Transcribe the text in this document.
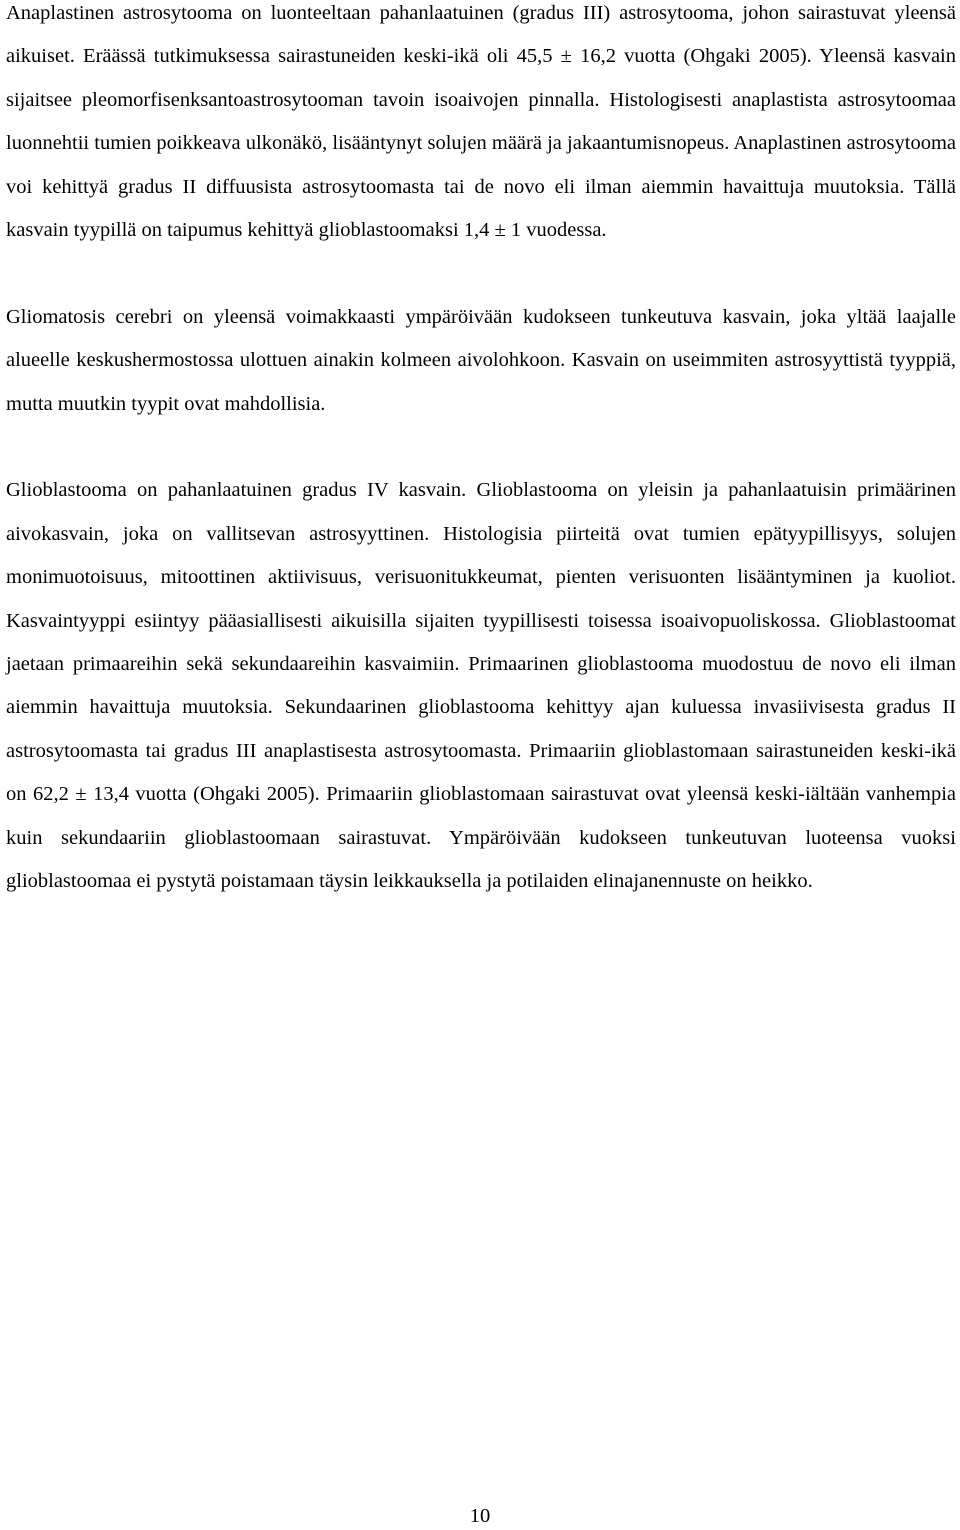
Anaplastinen astrosytooma on luonteeltaan pahanlaatuinen (gradus III) astrosytooma, johon sairastuvat yleensä aikuiset. Eräässä tutkimuksessa sairastuneiden keski-ikä oli 45,5 ± 16,2 vuotta (Ohgaki 2005). Yleensä kasvain sijaitsee pleomorfisenksantoastrosytooman tavoin isoaivojen pinnalla. Histologisesti anaplastista astrosytoomaa luonnehtii tumien poikkeava ulkonäkö, lisääntynyt solujen määrä ja jakaantumisnopeus. Anaplastinen astrosytooma voi kehittyä gradus II diffuusista astrosytoomasta tai de novo eli ilman aiemmin havaittuja muutoksia. Tällä kasvain tyypillä on taipumus kehittyä glioblastoomaksi 1,4 ± 1 vuodessa.

Gliomatosis cerebri on yleensä voimakkaasti ympäröivään kudokseen tunkeutuva kasvain, joka yltää laajalle alueelle keskushermostossa ulottuen ainakin kolmeen aivolohkoon. Kasvain on useimmiten astrosyyttistä tyyppiä, mutta muutkin tyypit ovat mahdollisia.

Glioblastooma on pahanlaatuinen gradus IV kasvain. Glioblastooma on yleisin ja pahanlaatuisin primäärinen aivokasvain, joka on vallitsevan astrosyyttinen. Histologisia piirteitä ovat tumien epätyypillisyys, solujen monimuotoisuus, mitoottinen aktiivisuus, verisuonitukkeumat, pienten verisuonten lisääntyminen ja kuoliot. Kasvaintyyppi esiintyy pääasiallisesti aikuisilla sijaiten tyypillisesti toisessa isoaivopuoliskossa. Glioblastoomat jaetaan primaareihin sekä sekundaareihin kasvaimiin. Primaarinen glioblastooma muodostuu de novo eli ilman aiemmin havaittuja muutoksia. Sekundaarinen glioblastooma kehittyy ajan kuluessa invasiivisesta gradus II astrosytoomasta tai gradus III anaplastisesta astrosytoomasta. Primaariin glioblastomaan sairastuneiden keski-ikä on 62,2 ± 13,4 vuotta (Ohgaki 2005). Primaariin glioblastomaan sairastuvat ovat yleensä keski-iältään vanhempia kuin sekundaariin glioblastoomaan sairastuvat. Ympäröivään kudokseen tunkeutuvan luoteensa vuoksi glioblastoomaa ei pystytä poistamaan täysin leikkauksella ja potilaiden elinajanennuste on heikko.

10
